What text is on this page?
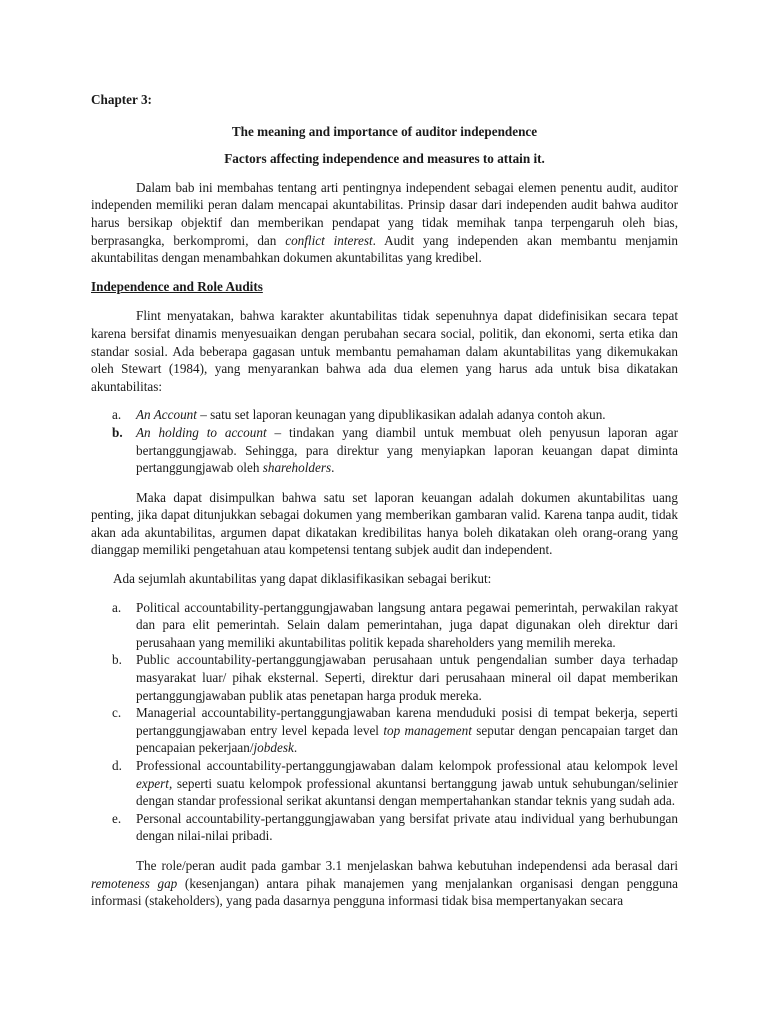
Chapter 3:
The meaning and importance of auditor independence
Factors affecting independence and measures to attain it.

Dalam bab ini membahas tentang arti pentingnya independent sebagai elemen penentu audit, auditor independen memiliki peran dalam mencapai akuntabilitas. Prinsip dasar dari independen audit bahwa auditor harus bersikap objektif dan memberikan pendapat yang tidak memihak tanpa terpengaruh oleh bias, berprasangka, berkompromi, dan conflict interest. Audit yang independen akan membantu menjamin akuntabilitas dengan menambahkan dokumen akuntabilitas yang kredibel.

Independence and Role Audits

Flint menyatakan, bahwa karakter akuntabilitas tidak sepenuhnya dapat didefinisikan secara tepat karena bersifat dinamis menyesuaikan dengan perubahan secara social, politik, dan ekonomi, serta etika dan standar sosial. Ada beberapa gagasan untuk membantu pemahaman dalam akuntabilitas yang dikemukakan oleh Stewart (1984), yang menyarankan bahwa ada dua elemen yang harus ada untuk bisa dikatakan akuntabilitas:

a. An Account – satu set laporan keunagan yang dipublikasikan adalah adanya contoh akun.
b. An holding to account – tindakan yang diambil untuk membuat oleh penyusun laporan agar bertanggungjawab. Sehingga, para direktur yang menyiapkan laporan keuangan dapat diminta pertanggungjawab oleh shareholders.

Maka dapat disimpulkan bahwa satu set laporan keuangan adalah dokumen akuntabilitas uang penting, jika dapat ditunjukkan sebagai dokumen yang memberikan gambaran valid. Karena tanpa audit, tidak akan ada akuntabilitas, argumen dapat dikatakan kredibilitas hanya boleh dikatakan oleh orang-orang yang dianggap memiliki pengetahuan atau kompetensi tentang subjek audit dan independent.

Ada sejumlah akuntabilitas yang dapat diklasifikasikan sebagai berikut:

a. Political accountability-pertanggungjawaban langsung antara pegawai pemerintah, perwakilan rakyat dan para elit pemerintah. Selain dalam pemerintahan, juga dapat digunakan oleh direktur dari perusahaan yang memiliki akuntabilitas politik kepada shareholders yang memilih mereka.
b. Public accountability-pertanggungjawaban perusahaan untuk pengendalian sumber daya terhadap masyarakat luar/ pihak eksternal. Seperti, direktur dari perusahaan mineral oil dapat memberikan pertanggungjawaban publik atas penetapan harga produk mereka.
c. Managerial accountability-pertanggungjawaban karena menduduki posisi di tempat bekerja, seperti pertanggungjawaban entry level kepada level top management seputar dengan pencapaian target dan pencapaian pekerjaan/jobdesk.
d. Professional accountability-pertanggungjawaban dalam kelompok professional atau kelompok level expert, seperti suatu kelompok professional akuntansi bertanggung jawab untuk sehubungan/selinier dengan standar professional serikat akuntansi dengan mempertahankan standar teknis yang sudah ada.
e. Personal accountability-pertanggungjawaban yang bersifat private atau individual yang berhubungan dengan nilai-nilai pribadi.

The role/peran audit pada gambar 3.1 menjelaskan bahwa kebutuhan independensi ada berasal dari remoteness gap (kesenjangan) antara pihak manajemen yang menjalankan organisasi dengan pengguna informasi (stakeholders), yang pada dasarnya pengguna informasi tidak bisa mempertanyakan secara
